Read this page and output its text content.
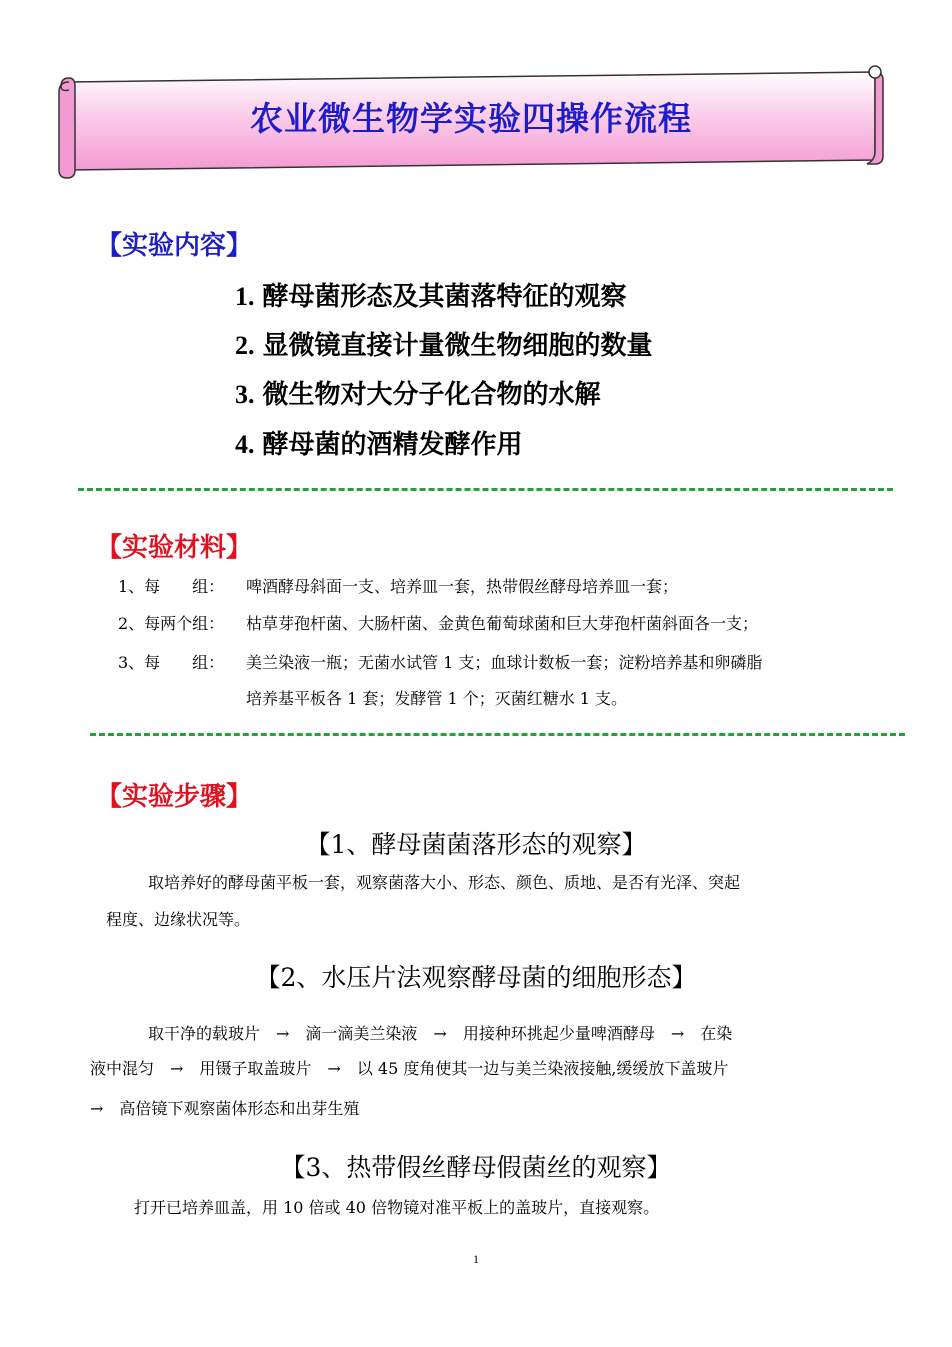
农业微生物学实验四操作流程
【实验内容】
1. 酵母菌形态及其菌落特征的观察
2. 显微镜直接计量微生物细胞的数量
3. 微生物对大分子化合物的水解
4. 酵母菌的酒精发酵作用
【实验材料】
1、每　　组： 啤酒酵母斜面一支、培养皿一套，热带假丝酵母培养皿一套；
2、每两个组： 枯草芽孢杆菌、大肠杆菌、金黄色葡萄球菌和巨大芽孢杆菌斜面各一支；
3、每　　组： 美兰染液一瓶；无菌水试管 1 支；血球计数板一套；淀粉培养基和卵磷脂
培养基平板各 1 套；发酵管 1 个；灭菌红糖水 1 支。
【实验步骤】
【1、酵母菌菌落形态的观察】
取培养好的酵母菌平板一套，观察菌落大小、形态、颜色、质地、是否有光泽、突起
程度、边缘状况等。
【2、水压片法观察酵母菌的细胞形态】
取干净的载玻片　→　滴一滴美兰染液　→　用接种环挑起少量啤酒酵母　→　在染
液中混匀　→　用镊子取盖玻片　→　以 45 度角使其一边与美兰染液接触,缓缓放下盖玻片
→　高倍镜下观察菌体形态和出芽生殖
【3、热带假丝酵母假菌丝的观察】
打开已培养皿盖，用 10 倍或 40 倍物镜对准平板上的盖玻片，直接观察。
1
